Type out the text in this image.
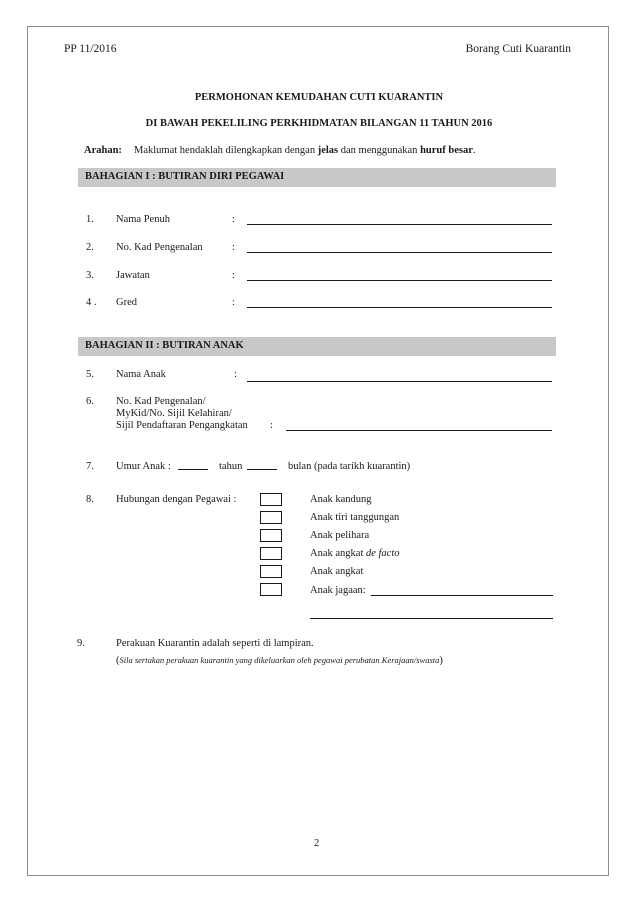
PP 11/2016	Borang Cuti Kuarantin
PERMOHONAN KEMUDAHAN CUTI KUARANTIN
DI BAWAH PEKELILING PERKHIDMATAN BILANGAN 11 TAHUN 2016
Arahan: Maklumat hendaklah dilengkapkan dengan jelas dan menggunakan huruf besar.
BAHAGIAN I : BUTIRAN DIRI PEGAWAI
1. Nama Penuh	:
2. No. Kad Pengenalan	:
3. Jawatan	:
4 . Gred	:
BAHAGIAN II : BUTIRAN ANAK
5. Nama Anak	:
6. No. Kad Pengenalan/
MyKid/No. Sijil Kelahiran/
Sijil Pendaftaran Pengangkatan :
7. Umur Anak :	tahun	bulan (pada tarikh kuarantin)
8. Hubungan dengan Pegawai :	Anak kandung
Anak tiri tanggungan
Anak pelihara
Anak angkat de facto
Anak angkat
Anak jagaan:
9.	Perakuan Kuarantin adalah seperti di lampiran.
(Sila sertakan perakuan kuarantin yang dikeluarkan oleh pegawai perubatan Kerajaan/swasta)
2
